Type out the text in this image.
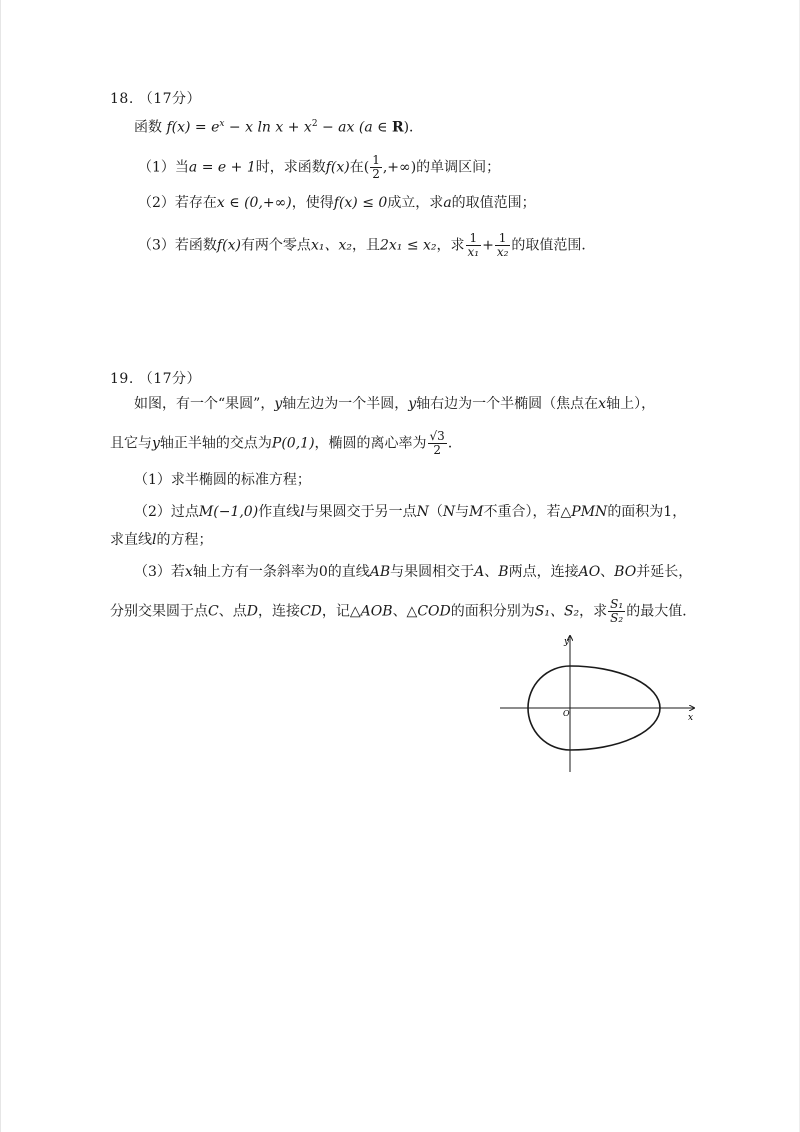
18. （17分）
函数 $f(x) = e^x - x$ $\ln x + x^2$ − ax (a ∈ R)．
（1）当a = e + 1时，求函数f(x)在( $\frac{1}{2}$ ,+∞)的单调区间；
（2）若存在x ∈ (0,+∞)，使得f(x) ≤ 0成立，求a的取值范围；
（3）若函数f(x)有两个零点x₁、x₂，且2x₁ ≤ x₂，求 $\frac{1}{\text{x₁}} + \frac{1}{\text{x₂}}$ 的取值范围．
19. （17分）
如图，有一个“果圆”，y轴左边为一个半圆，y轴右边为一个半椭圆（焦点在x轴上），
且它与y轴正半轴的交点为P(0,1)，椭圆的离心率为 $\frac{√3}{2}$ ．
（1）求半椭圆的标准方程；
（2）过点M(−1,0)作直线l与果圆交于另一点N（N与M不重合），若△PMN的面积为1，
求直线l的方程；
（3）若x轴上方有一条斜率为0的直线AB与果圆相交于A、B两点，连接AO、BO并延长，
分别交果圆于点C、点D，连接CD，记△AOB、△COD的面积分别为S₁、S₂，求 $\frac{\text{S₁}}{\text{S₂}}$ 的最大值．
y
x
O
